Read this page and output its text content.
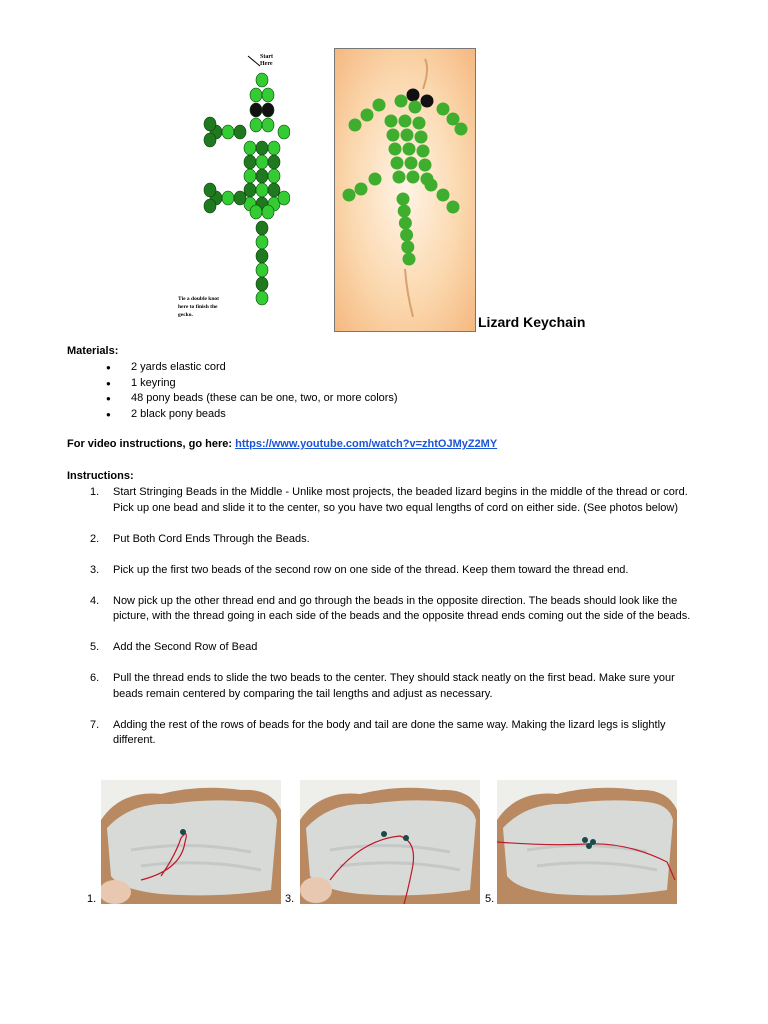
Start
Here
Tie a double knot
here to finish the
gecko.	Lizard Keychain
Materials:
● 2 yards elastic cord
● 1 keyring
● 48 pony beads (these can be one, two, or more colors)
● 2 black pony beads
For video instructions, go here: https://www.youtube.com/watch?v=zhtOJMyZ2MY
Instructions:
1. Start Stringing Beads in the Middle - Unlike most projects, the beaded lizard begins in the middle of the thread or cord. Pick up one bead and slide it to the center, so you have two equal lengths of cord on either side. (See photos below)
2. Put Both Cord Ends Through the Beads.
3. Pick up the first two beads of the second row on one side of the thread. Keep them toward the thread end.
4. Now pick up the other thread end and go through the beads in the opposite direction. The beads should look like the picture, with the thread going in each side of the beads and the opposite thread ends coming out the side of the beads.
5. Add the Second Row of Bead
6. Pull the thread ends to slide the two beads to the center. They should stack neatly on the first bead. Make sure your beads remain centered by comparing the tail lengths and adjust as necessary.
7. Adding the rest of the rows of beads for the body and tail are done the same way. Making the lizard legs is slightly different.
1.	3.	5.
